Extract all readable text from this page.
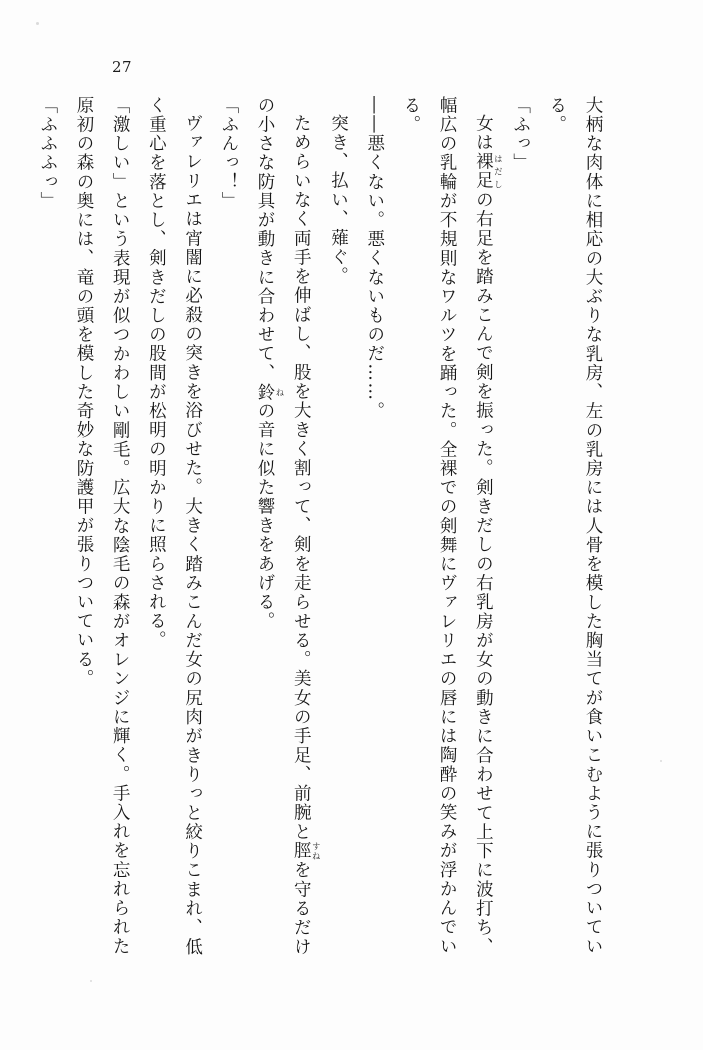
27

大柄な肉体に相応の大ぶりな乳房、左の乳房には人骨を模した胸当てが食いこむように張りついている。

「ふっ」

女は裸足 はだしの右足を踏みこんで剣を振った。剣きだしの右乳房が女の動きに合わせて上下に波打ち、幅広の乳輪が不規則なワルツを踊った。全裸での剣舞にヴァレリエの唇には陶酔の笑みが浮かんでいる。

――悪くない。悪くないものだ……。

突き、払い、薙ぐ。

ためらいなく両手を伸ばし、股を大きく割って、剣を走らせる。美女の手足、前腕と脛 すねを守るだけの小さな防具が動きに合わせて、鈴 ねの音に似た響きをあげる。

「ふんっ！」

ヴァレリエは宵闇に必殺の突きを浴びせた。大きく踏みこんだ女の尻肉がきりっと絞りこまれ、低く重心を落とし、剣きだしの股間が松明の明かりに照らされる。

「激しい」という表現が似つかわしい剛毛。広大な陰毛の森がオレンジに輝く。手入れを忘れられた原初の森の奥には、竜の頭を模した奇妙な防護甲が張りついている。

「ふふふっ」
